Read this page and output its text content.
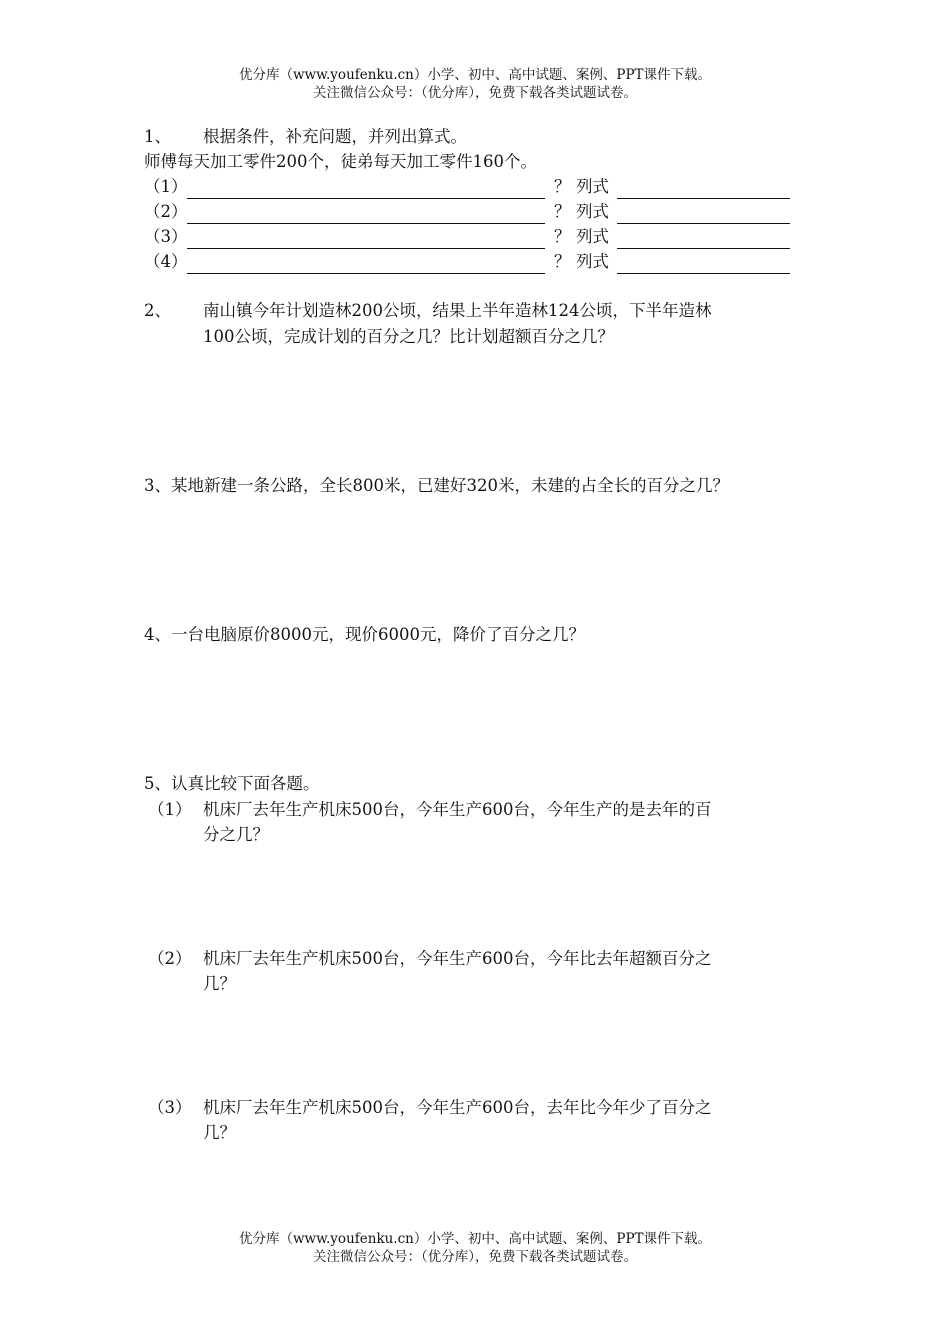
优分库（www.youfenku.cn）小学、初中、高中试题、案例、PPT课件下载。
关注微信公众号：（优分库），免费下载各类试题试卷。
1、 根据条件，补充问题，并列出算式。
师傅每天加工零件200个，徒弟每天加工零件160个。
（1）	？ 列式
（2）	？ 列式
（3）	？ 列式
（4）	？ 列式
2、 南山镇今年计划造林200公顷，结果上半年造林124公顷，下半年造林
100公顷，完成计划的百分之几？比计划超额百分之几？
3、某地新建一条公路，全长800米，已建好320米，未建的占全长的百分之几？
4、一台电脑原价8000元，现价6000元，降价了百分之几？
5、认真比较下面各题。
（1） 机床厂去年生产机床500台，今年生产600台，今年生产的是去年的百
分之几？
（2） 机床厂去年生产机床500台，今年生产600台，今年比去年超额百分之
几？
（3） 机床厂去年生产机床500台，今年生产600台，去年比今年少了百分之
几？
优分库（www.youfenku.cn）小学、初中、高中试题、案例、PPT课件下载。
关注微信公众号：（优分库），免费下载各类试题试卷。
